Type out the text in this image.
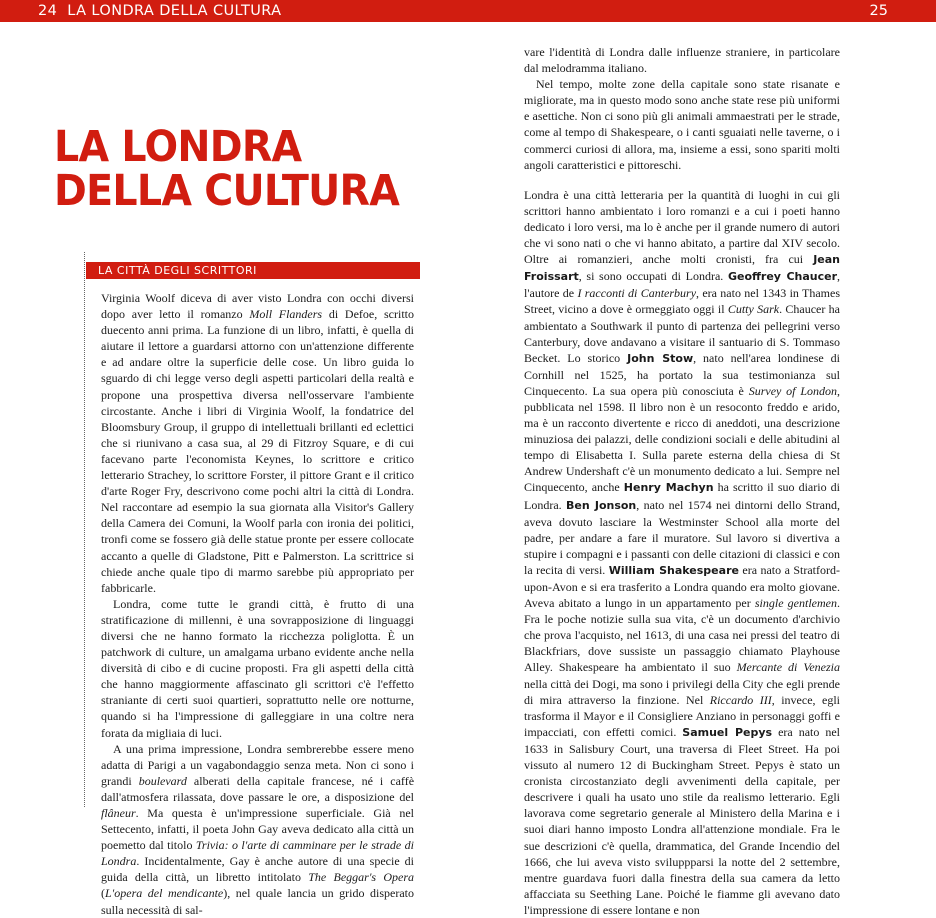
24 LA LONDRA DELLA CULTURA	25
LA LONDRA
DELLA CULTURA
LA CITTÀ DEGLI SCRITTORI

Virginia Woolf diceva di aver visto Londra con occhi diversi dopo aver letto il romanzo Moll Flanders di Defoe, scritto duecento anni prima. La funzione di un libro, infatti, è quella di aiutare il lettore a guardarsi attorno con un'attenzione differente e ad andare oltre la superficie delle cose. Un libro guida lo sguardo di chi legge verso degli aspetti particolari della realtà e propone una prospettiva diversa nell'osservare l'ambiente circostante. Anche i libri di Virginia Woolf, la fondatrice del Bloomsbury Group, il gruppo di intellettuali brillanti ed eclettici che si riunivano a casa sua, al 29 di Fitzroy Square, e di cui facevano parte l'economista Keynes, lo scrittore e critico letterario Strachey, lo scrittore Forster, il pittore Grant e il critico d'arte Roger Fry, descrivono come pochi altri la città di Londra. Nel raccontare ad esempio la sua giornata alla Visitor's Gallery della Camera dei Comuni, la Woolf parla con ironia dei politici, tronfi come se fossero già delle statue pronte per essere collocate accanto a quelle di Gladstone, Pitt e Palmerston. La scrittrice si chiede anche quale tipo di marmo sarebbe più appropriato per fabbricarle.

Londra, come tutte le grandi città, è frutto di una stratificazione di millenni, è una sovrapposizione di linguaggi diversi che ne hanno formato la ricchezza poliglotta. È un patchwork di culture, un amalgama urbano evidente anche nella diversità di cibo e di cucine proposti. Fra gli aspetti della città che hanno maggiormente affascinato gli scrittori c'è l'effetto straniante di certi suoi quartieri, soprattutto nelle ore notturne, quando si ha l'impressione di galleggiare in una coltre nera forata da migliaia di luci.

A una prima impressione, Londra sembrerebbe essere meno adatta di Parigi a un vagabondaggio senza meta. Non ci sono i grandi boulevard alberati della capitale francese, né i caffè dall'atmosfera rilassata, dove passare le ore, a disposizione del flâneur. Ma questa è un'impressione superficiale. Già nel Settecento, infatti, il poeta John Gay aveva dedicato alla città un poemetto dal titolo Trivia: o l'arte di camminare per le strade di Londra. Incidentalmente, Gay è anche autore di una specie di guida della città, un libretto intitolato The Beggar's Opera (L'opera del mendicante), nel quale lancia un grido disperato sulla necessità di sal-

vare l'identità di Londra dalle influenze straniere, in particolare dal melodramma italiano.

Nel tempo, molte zone della capitale sono state risanate e migliorate, ma in questo modo sono anche state rese più uniformi e asettiche. Non ci sono più gli animali ammaestrati per le strade, come al tempo di Shakespeare, o i canti sguaiati nelle taverne, o i commerci curiosi di allora, ma, insieme a essi, sono spariti molti angoli caratteristici e pittoreschi.

Londra è una città letteraria per la quantità di luoghi in cui gli scrittori hanno ambientato i loro romanzi e a cui i poeti hanno dedicato i loro versi, ma lo è anche per il grande numero di autori che vi sono nati o che vi hanno abitato, a partire dal XIV secolo. Oltre ai romanzieri, anche molti cronisti, fra cui Jean Froissart, si sono occupati di Londra. Geoffrey Chaucer, l'autore de I racconti di Canterbury, era nato nel 1343 in Thames Street, vicino a dove è ormeggiato oggi il Cutty Sark. Chaucer ha ambientato a Southwark il punto di partenza dei pellegrini verso Canterbury, dove andavano a visitare il santuario di S. Tommaso Becket. Lo storico John Stow, nato nell'area londinese di Cornhill nel 1525, ha portato la sua testimonianza sul Cinquecento. La sua opera più conosciuta è Survey of London, pubblicata nel 1598. Il libro non è un resoconto freddo e arido, ma è un racconto divertente e ricco di aneddoti, una descrizione minuziosa dei palazzi, delle condizioni sociali e delle abitudini al tempo di Elisabetta I. Sulla parete esterna della chiesa di St Andrew Undershaft c'è un monumento dedicato a lui. Sempre nel Cinquecento, anche Henry Machyn ha scritto il suo diario di Londra. Ben Jonson, nato nel 1574 nei dintorni dello Strand, aveva dovuto lasciare la Westminster School alla morte del padre, per andare a fare il muratore. Sul lavoro si divertiva a stupire i compagni e i passanti con delle citazioni di classici e con la recita di versi. William Shakespeare era nato a Stratford-upon-Avon e si era trasferito a Londra quando era molto giovane. Aveva abitato a lungo in un appartamento per single gentlemen. Fra le poche notizie sulla sua vita, c'è un documento d'archivio che prova l'acquisto, nel 1613, di una casa nei pressi del teatro di Blackfriars, dove sussiste un passaggio chiamato Playhouse Alley. Shakespeare ha ambientato il suo Mercante di Venezia nella città dei Dogi, ma sono i privilegi della City che egli prende di mira attraverso la finzione. Nel Riccardo III, invece, egli trasforma il Mayor e il Consigliere Anziano in personaggi goffi e impacciati, con effetti comici. Samuel Pepys era nato nel 1633 in Salisbury Court, una traversa di Fleet Street. Ha poi vissuto al numero 12 di Buckingham Street. Pepys è stato un cronista circostanziato degli avvenimenti della capitale, per descrivere i quali ha usato uno stile da realismo letterario. Egli lavorava come segretario generale al Ministero della Marina e i suoi diari hanno imposto Londra all'attenzione mondiale. Fra le sue descrizioni c'è quella, drammatica, del Grande Incendio del 1666, che lui aveva visto sviluppparsi la notte del 2 settembre, mentre guardava fuori dalla finestra della sua camera da letto affacciata su Seething Lane. Poiché le fiamme gli avevano dato l'impressione di essere lontane e non
